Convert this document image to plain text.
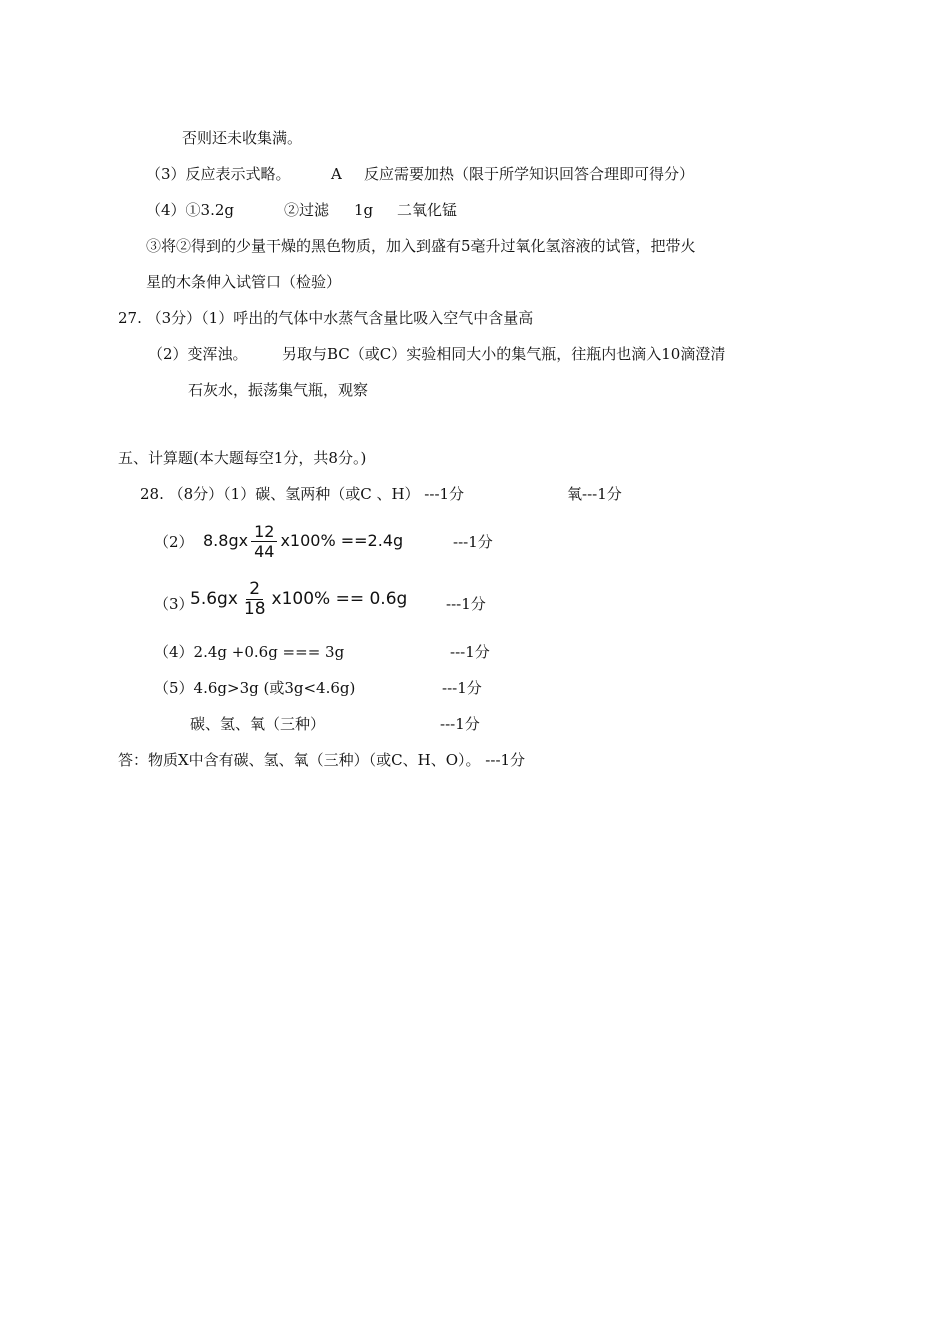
否则还未收集满。
（3）反应表示式略。	A 反应需要加热（限于所学知识回答合理即可得分）
（4）①3.2g	②过滤 1g 二氧化锰
③将②得到的少量干燥的黑色物质，加入到盛有5毫升过氧化氢溶液的试管，把带火
星的木条伸入试管口（检验）
27. （3分）（1）呼出的气体中水蒸气含量比吸入空气中含量高
（2）变浑浊。 另取与BC（或C）实验相同大小的集气瓶，往瓶内也滴入10滴澄清
石灰水，振荡集气瓶，观察
五、计算题(本大题每空1分，共8分。)
28. （8分）（1）碳、氢两种（或C 、H） ---1分	氧---1分
（2） $8.8gx \frac{12}{44} x100\% ==2.4g$	---1分
（3）
$5.6gx \frac{2}{18} x100\% == 0.6g$	---1分
（4）2.4g +0.6g === 3g	---1分
（5）4.6g>3g (或3g<4.6g)	---1分
碳、氢、氧（三种）	---1分
答：物质X中含有碳、氢、氧（三种）（或C、H、O）。 ---1分
